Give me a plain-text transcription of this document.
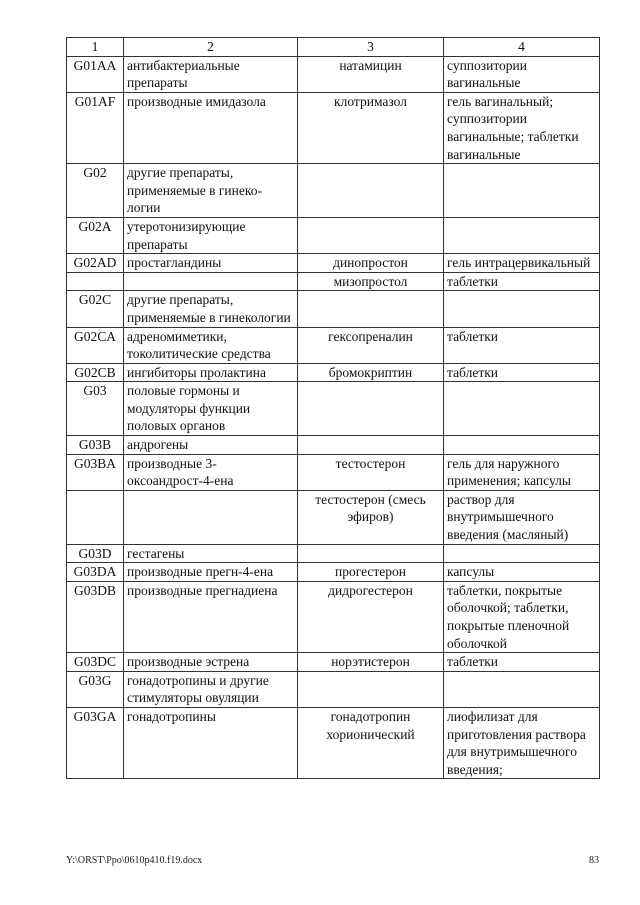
1	2	3	4
G01AA	антибактериальные препараты	натамицин	суппозитории вагинальные
G01AF	производные имидазола	клотримазол	гель вагинальный; суппозитории вагинальные; таблетки вагинальные
G02	другие препараты, применяемые в гинеко-логии		
G02A	утеротонизирующие препараты		
G02AD	простагландины	динопростон	гель интрацервикальный
		мизопростол	таблетки
G02C	другие препараты, применяемые в гинекологии		
G02CA	адреномиметики, токолитические средства	гексопреналин	таблетки
G02CB	ингибиторы пролактина	бромокриптин	таблетки
G03	половые гормоны и модуляторы функции половых органов		
G03B	андрогены		
G03BA	производные 3-оксоандрост-4-ена	тестостерон	гель для наружного применения; капсулы
		тестостерон (смесь эфиров)	раствор для внутримышечного введения (масляный)
G03D	гестагены		
G03DA	производные прегн-4-ена	прогестерон	капсулы
G03DB	производные прегнадиена	дидрогестерон	таблетки, покрытые оболочкой; таблетки, покрытые пленочной оболочкой
G03DC	производные эстрена	норэтистерон	таблетки
G03G	гонадотропины и другие стимуляторы овуляции		
G03GA	гонадотропины	гонадотропин хорионический	лиофилизат для приготовления раствора для внутримышечного введения;
Y:\ORST\Ppo\0610p410.f19.docx	83
